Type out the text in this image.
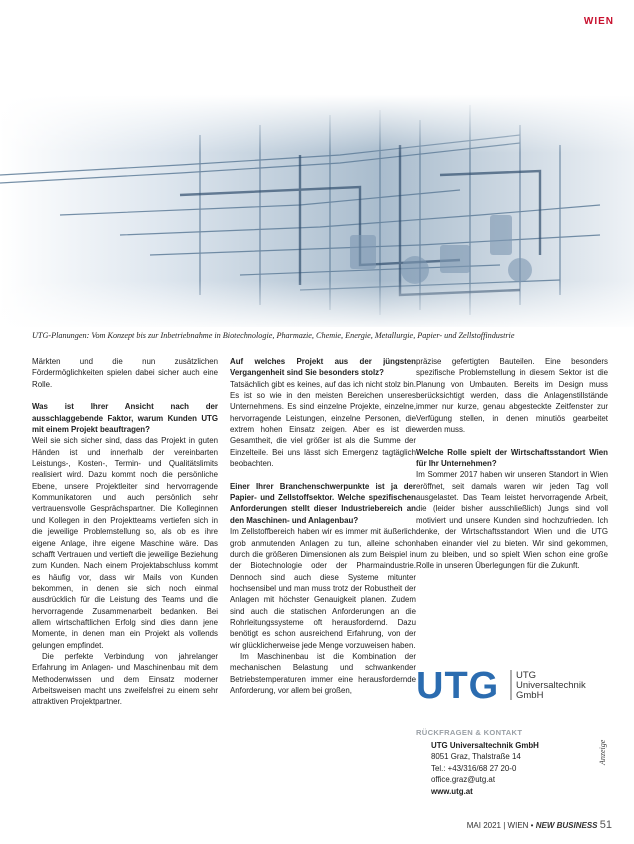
WIEN
UTG-Planungen: Vom Konzept bis zur Inbetriebnahme in Biotechnologie, Pharmazie, Chemie, Energie, Metallurgie, Papier- und Zellstoffindustrie

Märkten und die nun zusätzlichen Fördermöglichkeiten spielen dabei sicher auch eine Rolle.

Was ist Ihrer Ansicht nach der ausschlaggebende Faktor, warum Kunden UTG mit einem Projekt beauftragen?

Weil sie sich sicher sind, dass das Projekt in guten Händen ist und innerhalb der vereinbarten Leistungs-, Kosten-, Termin- und Qualitätslimits realisiert wird. Dazu kommt noch die persönliche Ebene, unsere Projektleiter sind hervorragende Kommunikatoren und auch persönlich sehr vertrauensvolle Gesprächspartner. Die Kolleginnen und Kollegen in den Projektteams vertiefen sich in die jeweilige Problemstellung so, als ob es ihre eigene Anlage, ihre eigene Maschine wäre. Das schafft Vertrauen und vertieft die jeweilige Beziehung zum Kunden. Nach einem Projektabschluss kommt es häufig vor, dass wir Mails von Kunden bekommen, in denen sie sich noch einmal ausdrücklich für die Leistung des Teams und die hervorragende Zusammenarbeit bedanken. Bei allem wirtschaftlichen Erfolg sind dies dann jene Momente, in denen man ein Projekt als vollends gelungen empfindet.

Die perfekte Verbindung von jahrelanger Erfahrung im Anlagen- und Maschinenbau mit dem Methodenwissen und dem Einsatz moderner Arbeitsweisen macht uns zweifelsfrei zu einem sehr attraktiven Projektpartner.

Auf welches Projekt aus der jüngsten Vergangenheit sind Sie besonders stolz?

Tatsächlich gibt es keines, auf das ich nicht stolz bin. Es ist so wie in den meisten Bereichen unseres Unternehmens. Es sind einzelne Projekte, einzelne, hervorragende Leistungen, einzelne Personen, die extrem hohen Einsatz zeigen. Aber es ist die Gesamtheit, die viel größer ist als die Summe der Einzelteile. Bei uns lässt sich Emergenz tagtäglich beobachten.

Einer Ihrer Branchenschwerpunkte ist ja der Papier- und Zellstoffsektor. Welche spezifischen Anforderungen stellt dieser Industriebereich an den Maschinen- und Anlagenbau?

Im Zellstoffbereich haben wir es immer mit äußerlich grob anmutenden Anlagen zu tun, alleine schon durch die größeren Dimensionen als zum Beispiel in der Biotechnologie oder der Pharmaindustrie. Dennoch sind auch diese Systeme mitunter hochsensibel und man muss trotz der Robustheit der Anlagen mit höchster Genauigkeit planen. Zudem sind auch die statischen Anforderungen an die Rohrleitungssysteme oft herausfordernd. Dazu benötigt es schon ausreichend Erfahrung, von der wir glücklicherweise jede Menge vorzuweisen haben.

Im Maschinenbau ist die Kombination der mechanischen Belastung und schwankender Betriebstemperaturen immer eine herausfordernde Anforderung, vor allem bei großen,

präzise gefertigten Bauteilen. Eine besonders spezifische Problemstellung in diesem Sektor ist die Planung von Umbauten. Bereits im Design muss berücksichtigt werden, dass die Anlagenstillstände immer nur kurze, genau abgesteckte Zeitfenster zur Verfügung stellen, in denen minutiös gearbeitet werden muss.

Welche Rolle spielt der Wirtschaftsstandort Wien für Ihr Unternehmen?

Im Sommer 2017 haben wir unseren Standort in Wien eröffnet, seit damals waren wir jeden Tag voll ausgelastet. Das Team leistet hervorragende Arbeit, die (leider bisher ausschließlich) Jungs sind voll motiviert und unsere Kunden sind hochzufrieden. Ich denke, der Wirtschaftsstandort Wien und die UTG haben einander viel zu bieten. Wir sind gekommen, um zu bleiben, und so spielt Wien schon eine große Rolle in unseren Überlegungen für die Zukunft.

UTG UTG
Universaltechnik
GmbH
RÜCKFRAGEN & KONTAKT
UTG Universaltechnik GmbH
8051 Graz, Thalstraße 14
Tel.: +43/316/68 27 20-0
office.graz@utg.at
www.utg.at
Anzeige
MAI 2021 | WIEN • NEW BUSINESS 51
